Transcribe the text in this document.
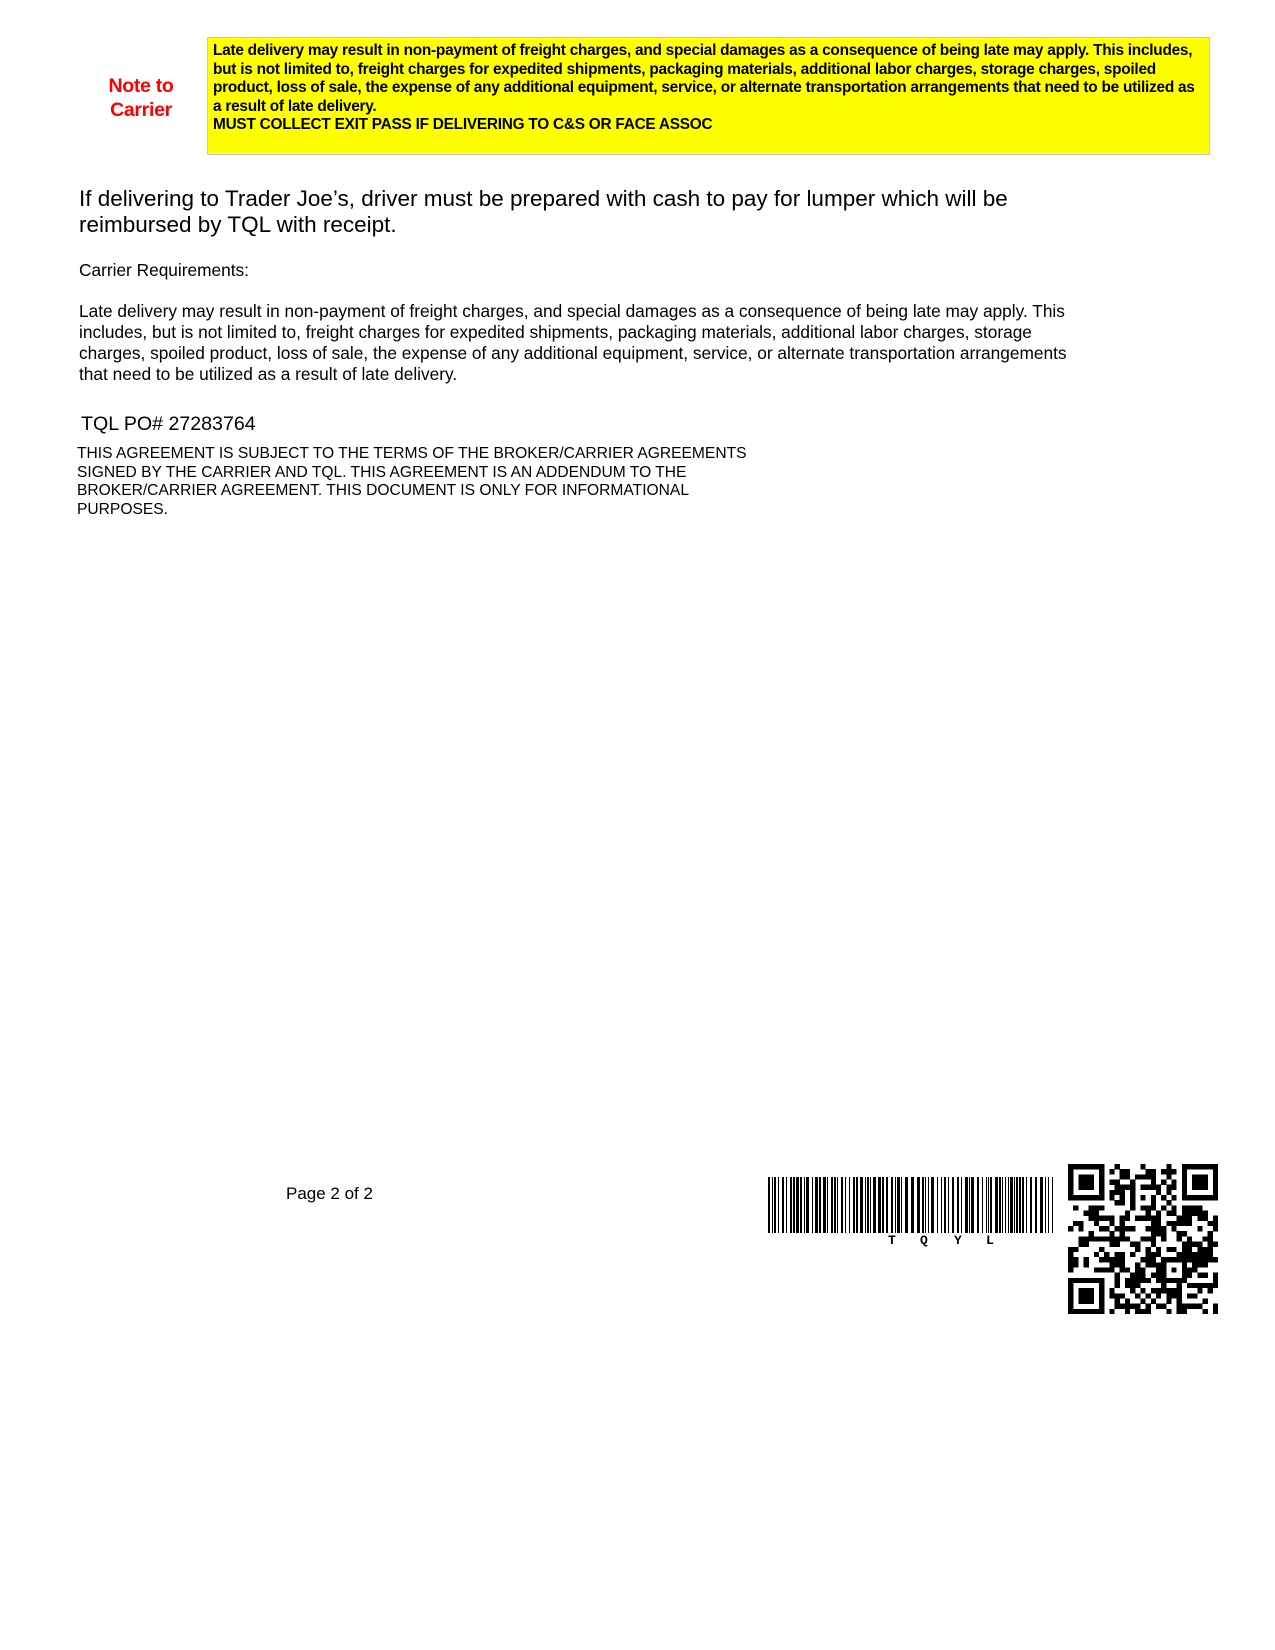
Note to
Carrier

Late delivery may result in non-payment of freight charges, and special damages as a consequence of being late may apply. This includes, but is not limited to, freight charges for expedited shipments, packaging materials, additional labor charges, storage charges, spoiled product, loss of sale, the expense of any additional equipment, service, or alternate transportation arrangements that need to be utilized as a result of late delivery.

MUST COLLECT EXIT PASS IF DELIVERING TO C&S OR FACE ASSOC

If delivering to Trader Joe’s, driver must be prepared with cash to pay for lumper which will be reimbursed by TQL with receipt.
Carrier Requirements:
Late delivery may result in non-payment of freight charges, and special damages as a consequence of being late may apply. This includes, but is not limited to, freight charges for expedited shipments, packaging materials, additional labor charges, storage charges, spoiled product, loss of sale, the expense of any additional equipment, service, or alternate transportation arrangements that need to be utilized as a result of late delivery.
TQL PO# 27283764
THIS AGREEMENT IS SUBJECT TO THE TERMS OF THE BROKER/CARRIER AGREEMENTS SIGNED BY THE CARRIER AND TQL. THIS AGREEMENT IS AN ADDENDUM TO THE BROKER/CARRIER AGREEMENT. THIS DOCUMENT IS ONLY FOR INFORMATIONAL PURPOSES.
Page 2 of 2
T Q Y L
